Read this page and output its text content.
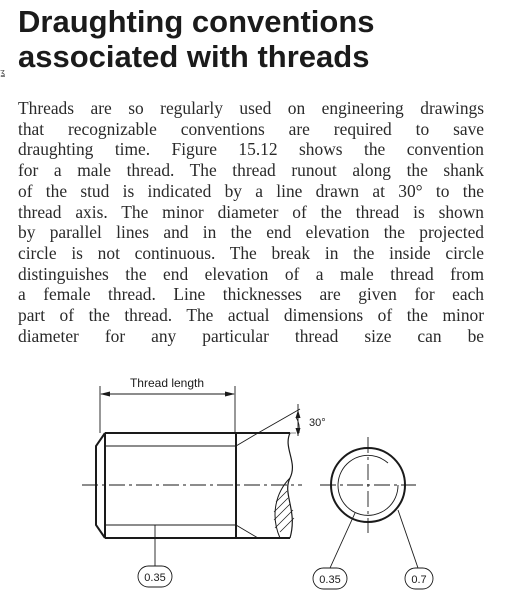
ʓ
Draughting conventions
associated with threads
Threads are so regularly used on engineering drawings
that recognizable conventions are required to save
draughting time. Figure 15.12 shows the convention
for a male thread. The thread runout along the shank
of the stud is indicated by a line drawn at 30° to the
thread axis. The minor diameter of the thread is shown
by parallel lines and in the end elevation the projected
circle is not continuous. The break in the inside circle
distinguishes the end elevation of a male thread from
a female thread. Line thicknesses are given for each
part of the thread. The actual dimensions of the minor
diameter for any particular thread size can be
Thread length
30°
0.35	0.35	0.7
